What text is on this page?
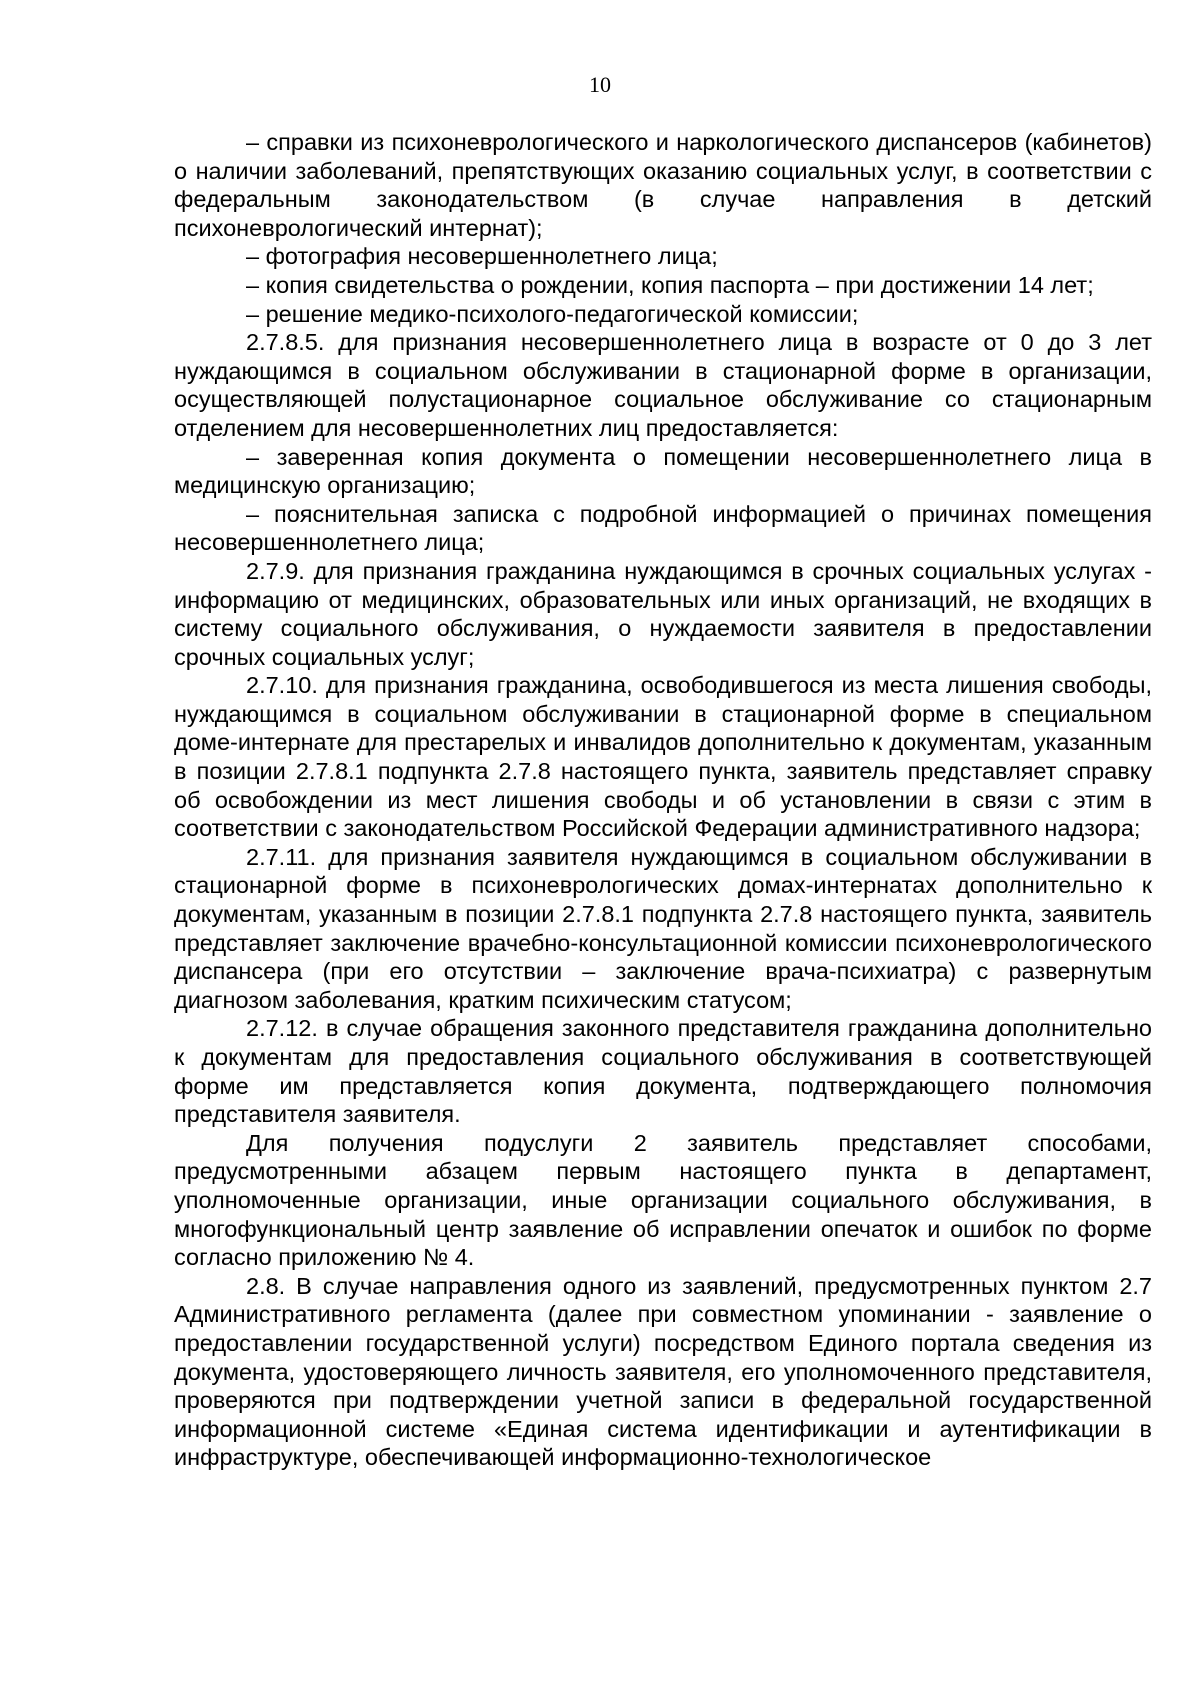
10

– справки из психоневрологического и наркологического диспансеров (кабинетов) о наличии заболеваний, препятствующих оказанию социальных услуг, в соответствии с федеральным законодательством (в случае направления в детский психоневрологический интернат);

– фотография несовершеннолетнего лица;

– копия свидетельства о рождении, копия паспорта – при достижении 14 лет;

– решение медико-психолого-педагогической комиссии;

2.7.8.5. для признания несовершеннолетнего лица в возрасте от 0 до 3 лет нуждающимся в социальном обслуживании в стационарной форме в организации, осуществляющей полустационарное социальное обслуживание со стационарным отделением для несовершеннолетних лиц предоставляется:

– заверенная копия документа о помещении несовершеннолетнего лица в медицинскую организацию;

– пояснительная записка с подробной информацией о причинах помещения несовершеннолетнего лица;

2.7.9. для признания гражданина нуждающимся в срочных социальных услугах - информацию от медицинских, образовательных или иных организаций, не входящих в систему социального обслуживания, о нуждаемости заявителя в предоставлении срочных социальных услуг;

2.7.10. для признания гражданина, освободившегося из места лишения свободы, нуждающимся в социальном обслуживании в стационарной форме в специальном доме-интернате для престарелых и инвалидов дополнительно к документам, указанным в позиции 2.7.8.1 подпункта 2.7.8 настоящего пункта, заявитель представляет справку об освобождении из мест лишения свободы и об установлении в связи с этим в соответствии с законодательством Российской Федерации административного надзора;

2.7.11. для признания заявителя нуждающимся в социальном обслуживании в стационарной форме в психоневрологических домах-интернатах дополнительно к документам, указанным в позиции 2.7.8.1 подпункта 2.7.8 настоящего пункта, заявитель представляет заключение врачебно-консультационной комиссии психоневрологического диспансера (при его отсутствии – заключение врача-психиатра) с развернутым диагнозом заболевания, кратким психическим статусом;

2.7.12. в случае обращения законного представителя гражданина дополнительно к документам для предоставления социального обслуживания в соответствующей форме им представляется копия документа, подтверждающего полномочия представителя заявителя.

Для получения подуслуги 2 заявитель представляет способами, предусмотренными абзацем первым настоящего пункта в департамент, уполномоченные организации, иные организации социального обслуживания, в многофункциональный центр заявление об исправлении опечаток и ошибок по форме согласно приложению № 4.

2.8. В случае направления одного из заявлений, предусмотренных пунктом 2.7 Административного регламента (далее при совместном упоминании - заявление о предоставлении государственной услуги) посредством Единого портала сведения из документа, удостоверяющего личность заявителя, его уполномоченного представителя, проверяются при подтверждении учетной записи в федеральной государственной информационной системе «Единая система идентификации и аутентификации в инфраструктуре, обеспечивающей информационно-технологическое
